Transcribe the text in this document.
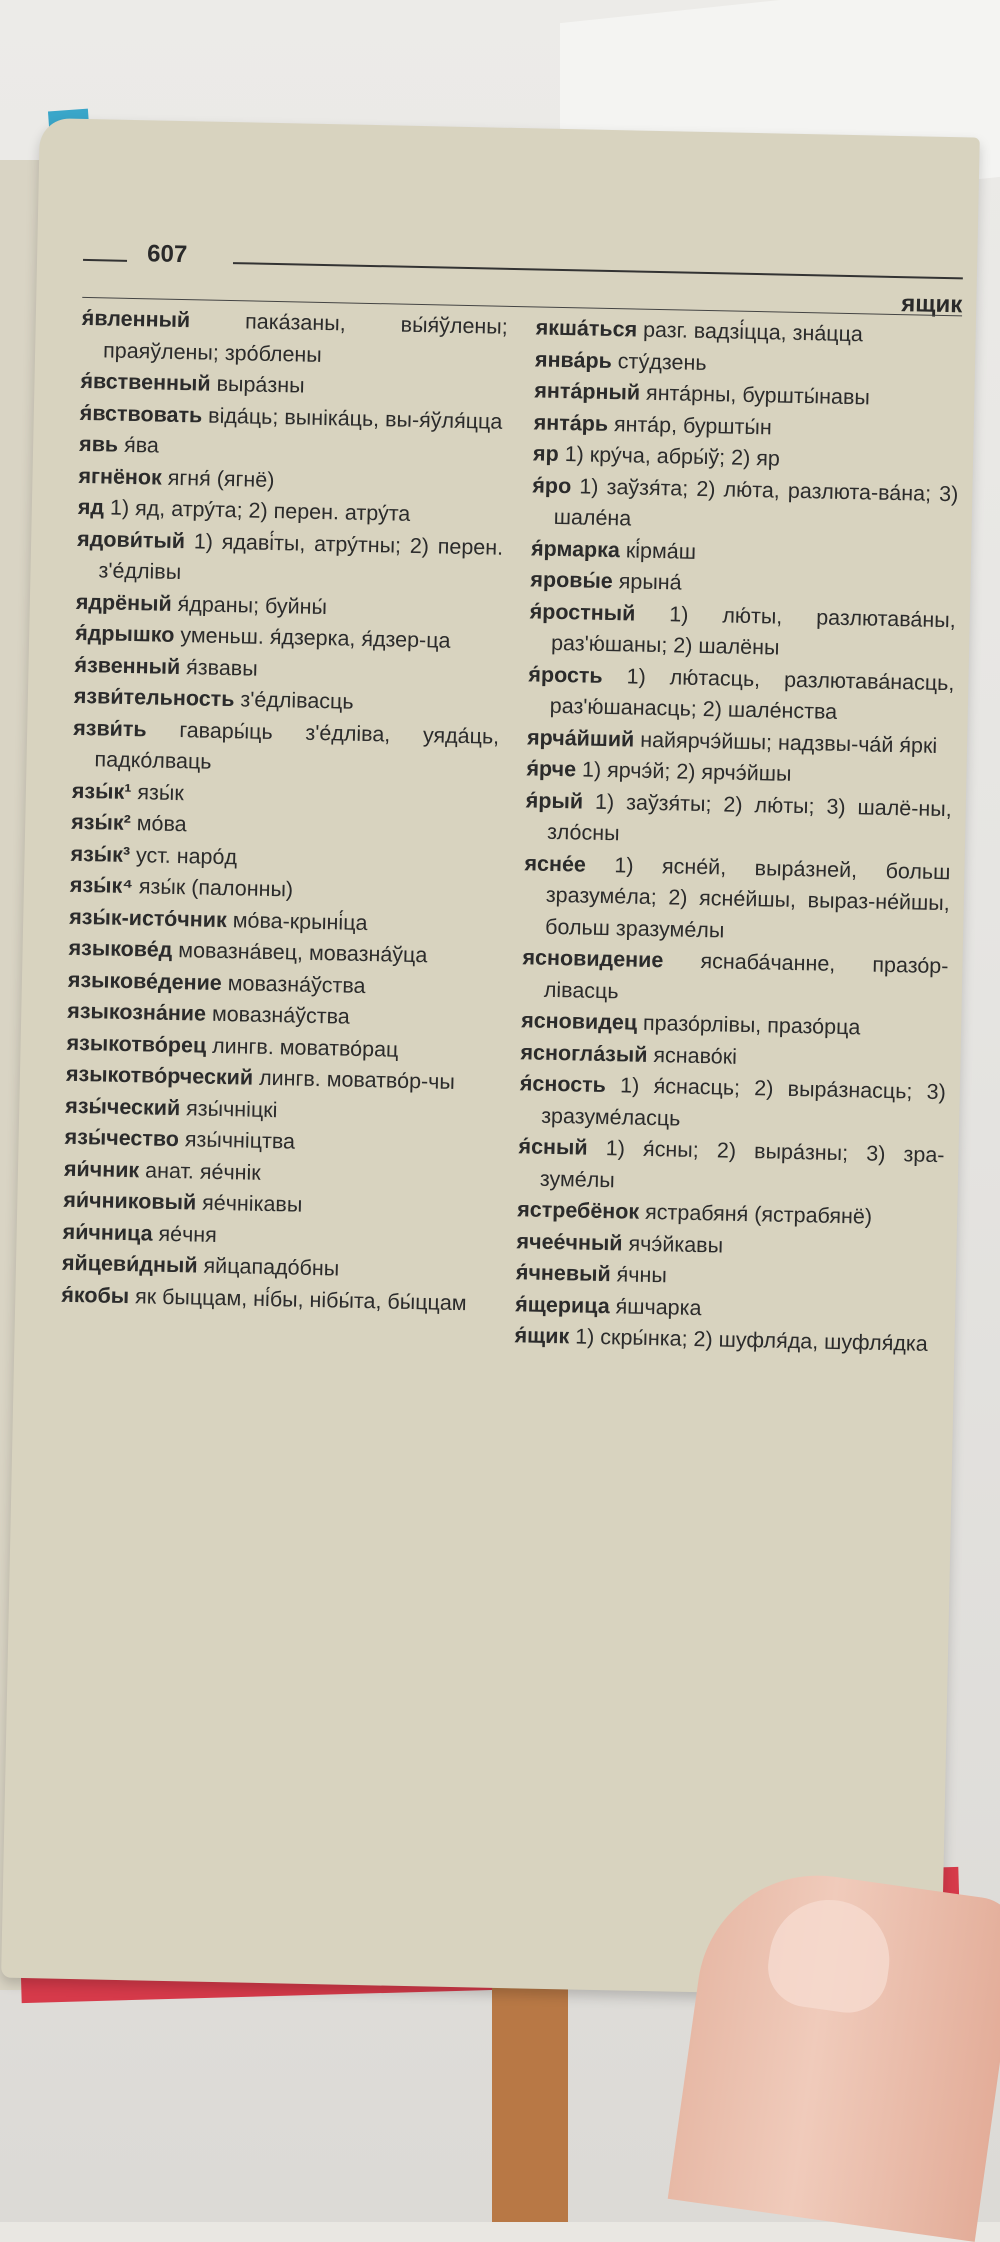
607
ящик

я́вленный пака́заны, вы́я́ўлены; праяўлены; зро́блены

я́вственный выра́зны

я́вствовать віда́ць; выніка́ць, вы-я́ўля́цца

явь я́ва

ягнёнок ягня́ (ягнё)

яд 1) яд, атру́та; 2) перен. атру́та

ядови́тый 1) ядаві́ты, атру́тны; 2) перен. з'е́длівы

ядрёный я́драны; буйны́

я́дрышко уменьш. я́дзерка, я́дзер-ца

я́звенный я́звавы

язви́тельность з'е́длівасць

язви́ть гавары́ць з'е́дліва, уяда́ць, падко́лваць

язы́к¹ язы́к

язы́к² мо́ва

язы́к³ уст. наро́д

язы́к⁴ язы́к (палонны)

язы́к-исто́чник мо́ва-крыні́ца

языкове́д мовазна́вец, мовазна́ўца

языкове́дение мовазна́ўства

языкозна́ние мовазна́ўства

языкотво́рец лингв. моватво́рац

языкотво́рческий лингв. моватво́р-чы

язы́ческий язы́чніцкі

язы́чество язы́чніцтва

яи́чник анат. яе́чнік

яи́чниковый яе́чнікавы

яи́чница яе́чня

яйцеви́дный яйцападо́бны

я́кобы як быццам, ні́бы, нібы́та, бы́ццам

якша́ться разг. вадзі́цца, зна́цца

янва́рь сту́дзень

янта́рный янта́рны, буршты́навы

янта́рь янта́р, буршты́н

яр 1) кру́ча, абры́ў; 2) яр

я́ро 1) заўзя́та; 2) лю́та, разлюта-ва́на; 3) шале́на

я́рмарка кі́рма́ш

яровы́е ярына́

я́ростный 1) лю́ты, разлютава́ны, раз'ю́шаны; 2) шалёны

я́рость 1) лю́тасць, разлютава́насць, раз'ю́шанасць; 2) шале́нства

ярча́йший найярчэ́йшы; надзвы-ча́й я́ркі

я́рче 1) ярчэ́й; 2) ярчэ́йшы

я́рый 1) заўзя́ты; 2) лю́ты; 3) шалё-ны, зло́сны

ясне́е 1) ясне́й, выра́зней, больш зразуме́ла; 2) ясне́йшы, выраз-не́йшы, больш зразуме́лы

ясновидение яснаба́чанне, празо́р-лівасць

ясновидец празо́рлівы, празо́рца

ясногла́зый яснаво́кі

я́сность 1) я́снасць; 2) выра́знасць; 3) зразуме́ласць

я́сный 1) я́сны; 2) выра́зны; 3) зра-зуме́лы

ястребёнок ястрабяня́ (ястрабянё)

ячее́чный ячэ́йкавы

я́чневый я́чны

я́щерица я́шчарка

я́щик 1) скры́нка; 2) шуфля́да, шуфля́дка
